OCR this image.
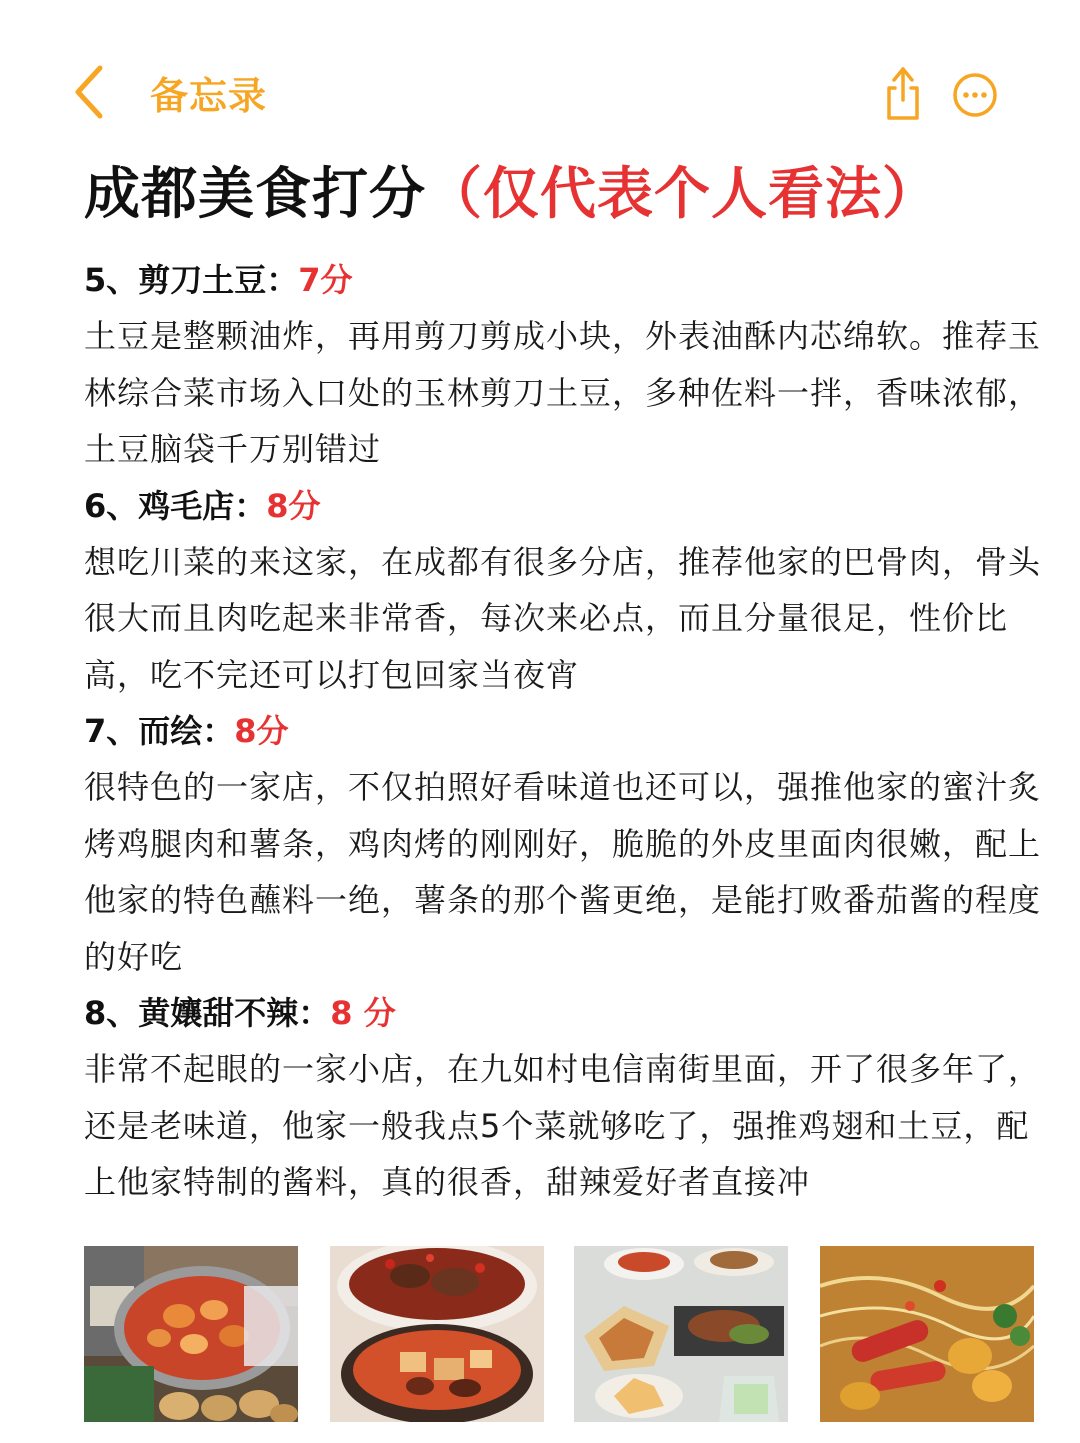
备忘录
成都美食打分（仅代表个人看法）
5、剪刀土豆：7分
土豆是整颗油炸，再用剪刀剪成小块，外表油酥内芯绵软。推荐玉林综合菜市场入口处的玉林剪刀土豆，多种佐料一拌，香味浓郁，土豆脑袋千万别错过
6、鸡毛店：8分
想吃川菜的来这家，在成都有很多分店，推荐他家的巴骨肉，骨头很大而且肉吃起来非常香，每次来必点，而且分量很足，性价比高，吃不完还可以打包回家当夜宵
7、而绘：8分
很特色的一家店，不仅拍照好看味道也还可以，强推他家的蜜汁炙烤鸡腿肉和薯条，鸡肉烤的刚刚好，脆脆的外皮里面肉很嫩，配上他家的特色蘸料一绝，薯条的那个酱更绝，是能打败番茄酱的程度的好吃
8、黄孃甜不辣：8 分
非常不起眼的一家小店，在九如村电信南街里面，开了很多年了，还是老味道，他家一般我点5个菜就够吃了，强推鸡翅和土豆，配上他家特制的酱料，真的很香，甜辣爱好者直接冲
